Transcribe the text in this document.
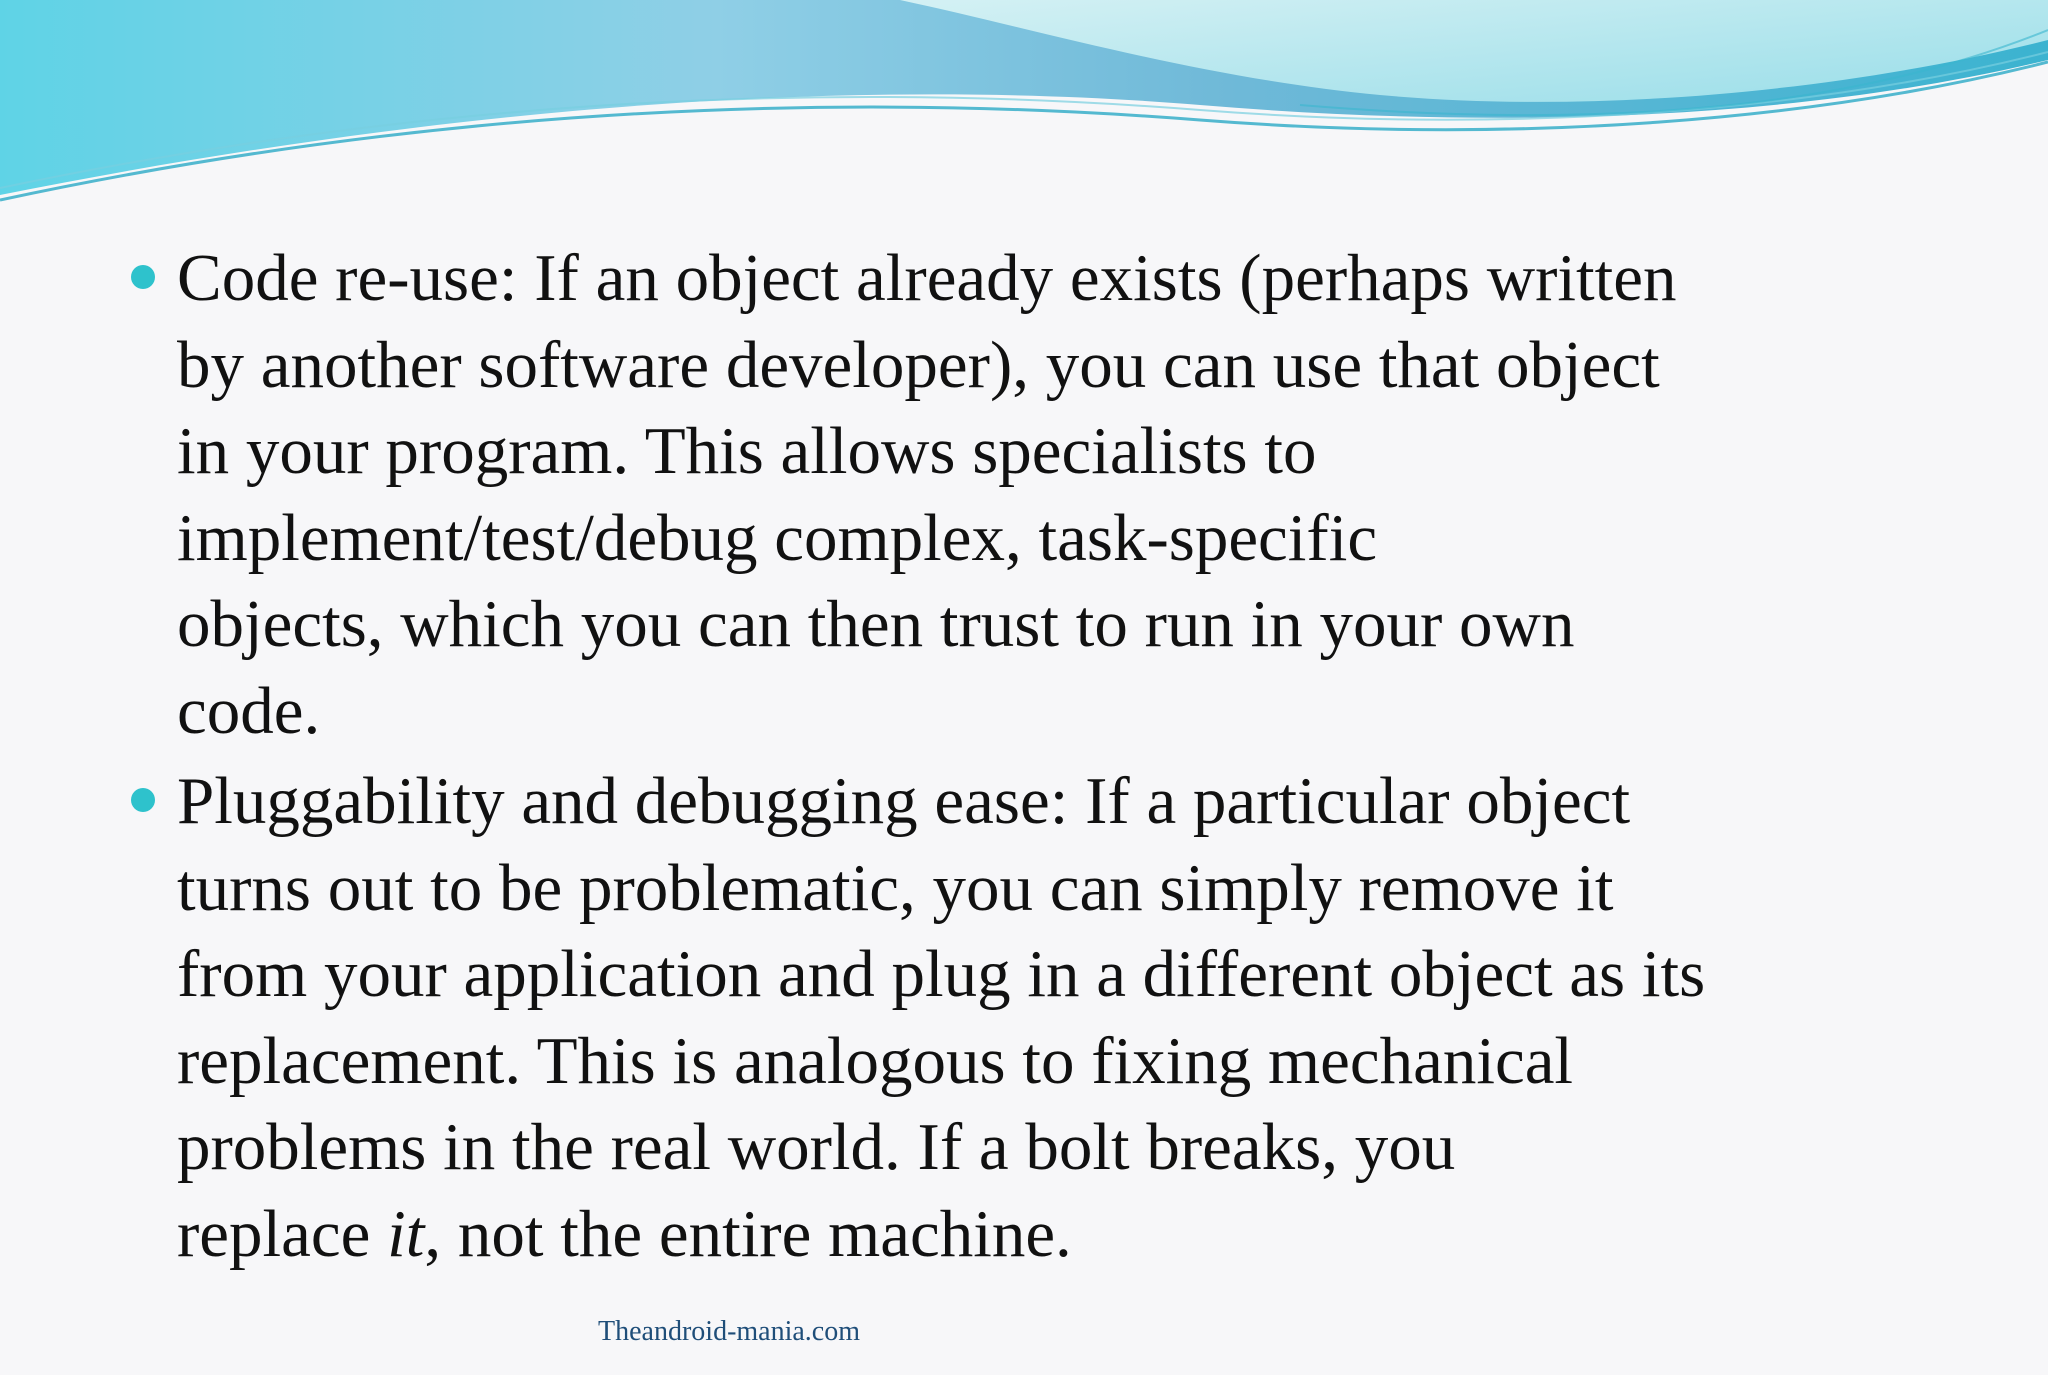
Code re-use: If an object already exists (perhaps written
by another software developer), you can use that object
in your program. This allows specialists to
implement/test/debug complex, task-specific
objects, which you can then trust to run in your own
code.
Pluggability and debugging ease: If a particular object
turns out to be problematic, you can simply remove it
from your application and plug in a different object as its
replacement. This is analogous to fixing mechanical
problems in the real world. If a bolt breaks, you
replace it, not the entire machine.
Theandroid-mania.com
